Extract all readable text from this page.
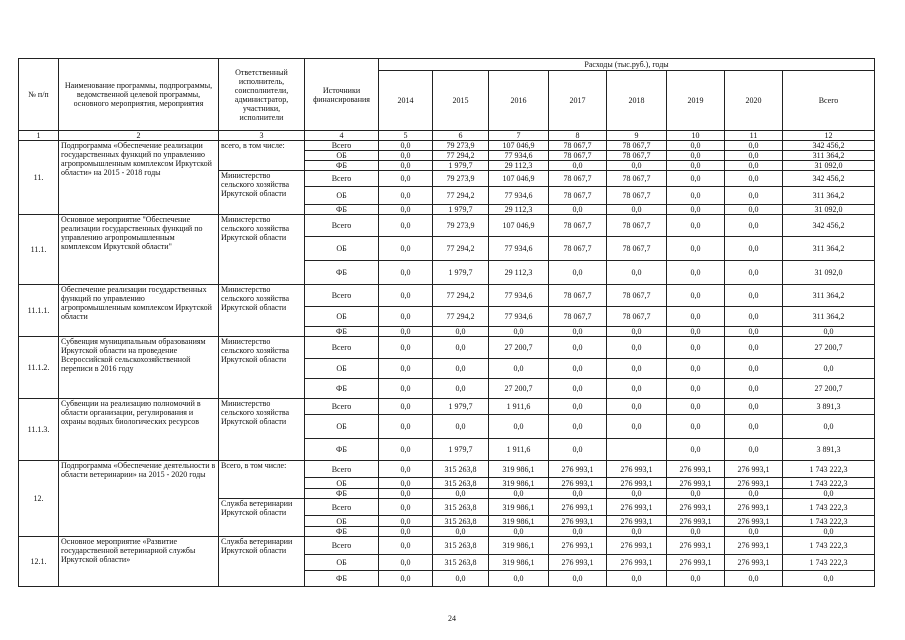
№ п/п	Наименование программы, подпрограммы, ведомственной целевой программы, основного мероприятия, мероприятия	Ответственный исполнитель, соисполнители, администратор, участники, исполнители	Источники финансирования	Расходы (тыс.руб.), годы							
				2014	2015	2016	2017	2018	2019	2020	Всего
1	2	3	4	5	6	7	8	9	10	11	12
11.	Подпрограмма «Обеспечение реализации государственных функций по управлению агропромышленным комплексом Иркутской области» на 2015 - 2018 годы	всего, в том числе:	Всего	0,0	79 273,9	107 046,9	78 067,7	78 067,7	0,0	0,0	342 456,2
			ОБ	0,0	77 294,2	77 934,6	78 067,7	78 067,7	0,0	0,0	311 364,2
			ФБ	0,0	1 979,7	29 112,3	0,0	0,0	0,0	0,0	31 092,0
		Министерство сельского хозяйства Иркутской области	Всего	0,0	79 273,9	107 046,9	78 067,7	78 067,7	0,0	0,0	342 456,2
			ОБ	0,0	77 294,2	77 934,6	78 067,7	78 067,7	0,0	0,0	311 364,2
			ФБ	0,0	1 979,7	29 112,3	0,0	0,0	0,0	0,0	31 092,0
11.1.	Основное мероприятие "Обеспечение реализации государственных функций по управлению агропромышленным комплексом Иркутской области"	Министерство сельского хозяйства Иркутской области	Всего	0,0	79 273,9	107 046,9	78 067,7	78 067,7	0,0	0,0	342 456,2
			ОБ	0,0	77 294,2	77 934,6	78 067,7	78 067,7	0,0	0,0	311 364,2
			ФБ	0,0	1 979,7	29 112,3	0,0	0,0	0,0	0,0	31 092,0
11.1.1.	Обеспечение реализации государственных функций по управлению агропромышленным комплексом Иркутской области	Министерство сельского хозяйства Иркутской области	Всего	0,0	77 294,2	77 934,6	78 067,7	78 067,7	0,0	0,0	311 364,2
			ОБ	0,0	77 294,2	77 934,6	78 067,7	78 067,7	0,0	0,0	311 364,2
			ФБ	0,0	0,0	0,0	0,0	0,0	0,0	0,0	0,0
11.1.2.	Субвенция муниципальным образованиям Иркутской области на проведение Всероссийской сельскохозяйственной переписи в 2016 году	Министерство сельского хозяйства Иркутской области	Всего	0,0	0,0	27 200,7	0,0	0,0	0,0	0,0	27 200,7
			ОБ	0,0	0,0	0,0	0,0	0,0	0,0	0,0	0,0
			ФБ	0,0	0,0	27 200,7	0,0	0,0	0,0	0,0	27 200,7
11.1.3.	Субвенции на реализацию полномочий в области организации, регулирования и охраны водных биологических ресурсов	Министерство сельского хозяйства Иркутской области	Всего	0,0	1 979,7	1 911,6	0,0	0,0	0,0	0,0	3 891,3
			ОБ	0,0	0,0	0,0	0,0	0,0	0,0	0,0	0,0
			ФБ	0,0	1 979,7	1 911,6	0,0		0,0	0,0	3 891,3
12.	Подпрограмма «Обеспечение деятельности в области ветеринарии» на 2015 - 2020 годы	Всего, в том числе:	Всего	0,0	315 263,8	319 986,1	276 993,1	276 993,1	276 993,1	276 993,1	1 743 222,3
			ОБ	0,0	315 263,8	319 986,1	276 993,1	276 993,1	276 993,1	276 993,1	1 743 222,3
			ФБ	0,0	0,0	0,0	0,0	0,0	0,0	0,0	0,0
		Служба ветеринарии Иркутской области	Всего	0,0	315 263,8	319 986,1	276 993,1	276 993,1	276 993,1	276 993,1	1 743 222,3
			ОБ	0,0	315 263,8	319 986,1	276 993,1	276 993,1	276 993,1	276 993,1	1 743 222,3
			ФБ	0,0	0,0	0,0	0,0	0,0	0,0	0,0	0,0
12.1.	Основное мероприятие «Развитие государственной ветеринарной службы Иркутской области»	Служба ветеринарии Иркутской области	Всего	0,0	315 263,8	319 986,1	276 993,1	276 993,1	276 993,1	276 993,1	1 743 222,3
			ОБ	0,0	315 263,8	319 986,1	276 993,1	276 993,1	276 993,1	276 993,1	1 743 222,3
			ФБ	0,0	0,0	0,0	0,0	0,0	0,0	0,0	0,0
24
